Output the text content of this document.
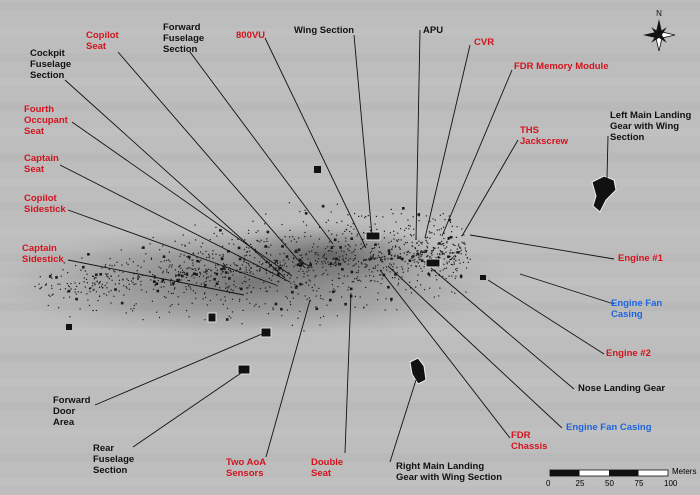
N
Cockpit
Fuselage
Section
Copilot
Seat
Forward
Fuselage
Section
800VU	Wing Section	APU
CVR
FDR Memory Module
Fourth
Occupant
Seat	THS
Jackscrew
Left Main Landing
Gear with Wing
Section
Captain
Seat
Copilot
Sidestick
Captain
Sidestick	Engine #1
Engine Fan
Casing
Engine #2
Nose Landing Gear
Engine Fan Casing
Forward
Door
Area
FDR
Chassis
Rear
Fuselage
Section
Two AoA
Sensors
Double
Seat
Right Main Landing
Gear with Wing Section
0	25	50	75	100
Meters
